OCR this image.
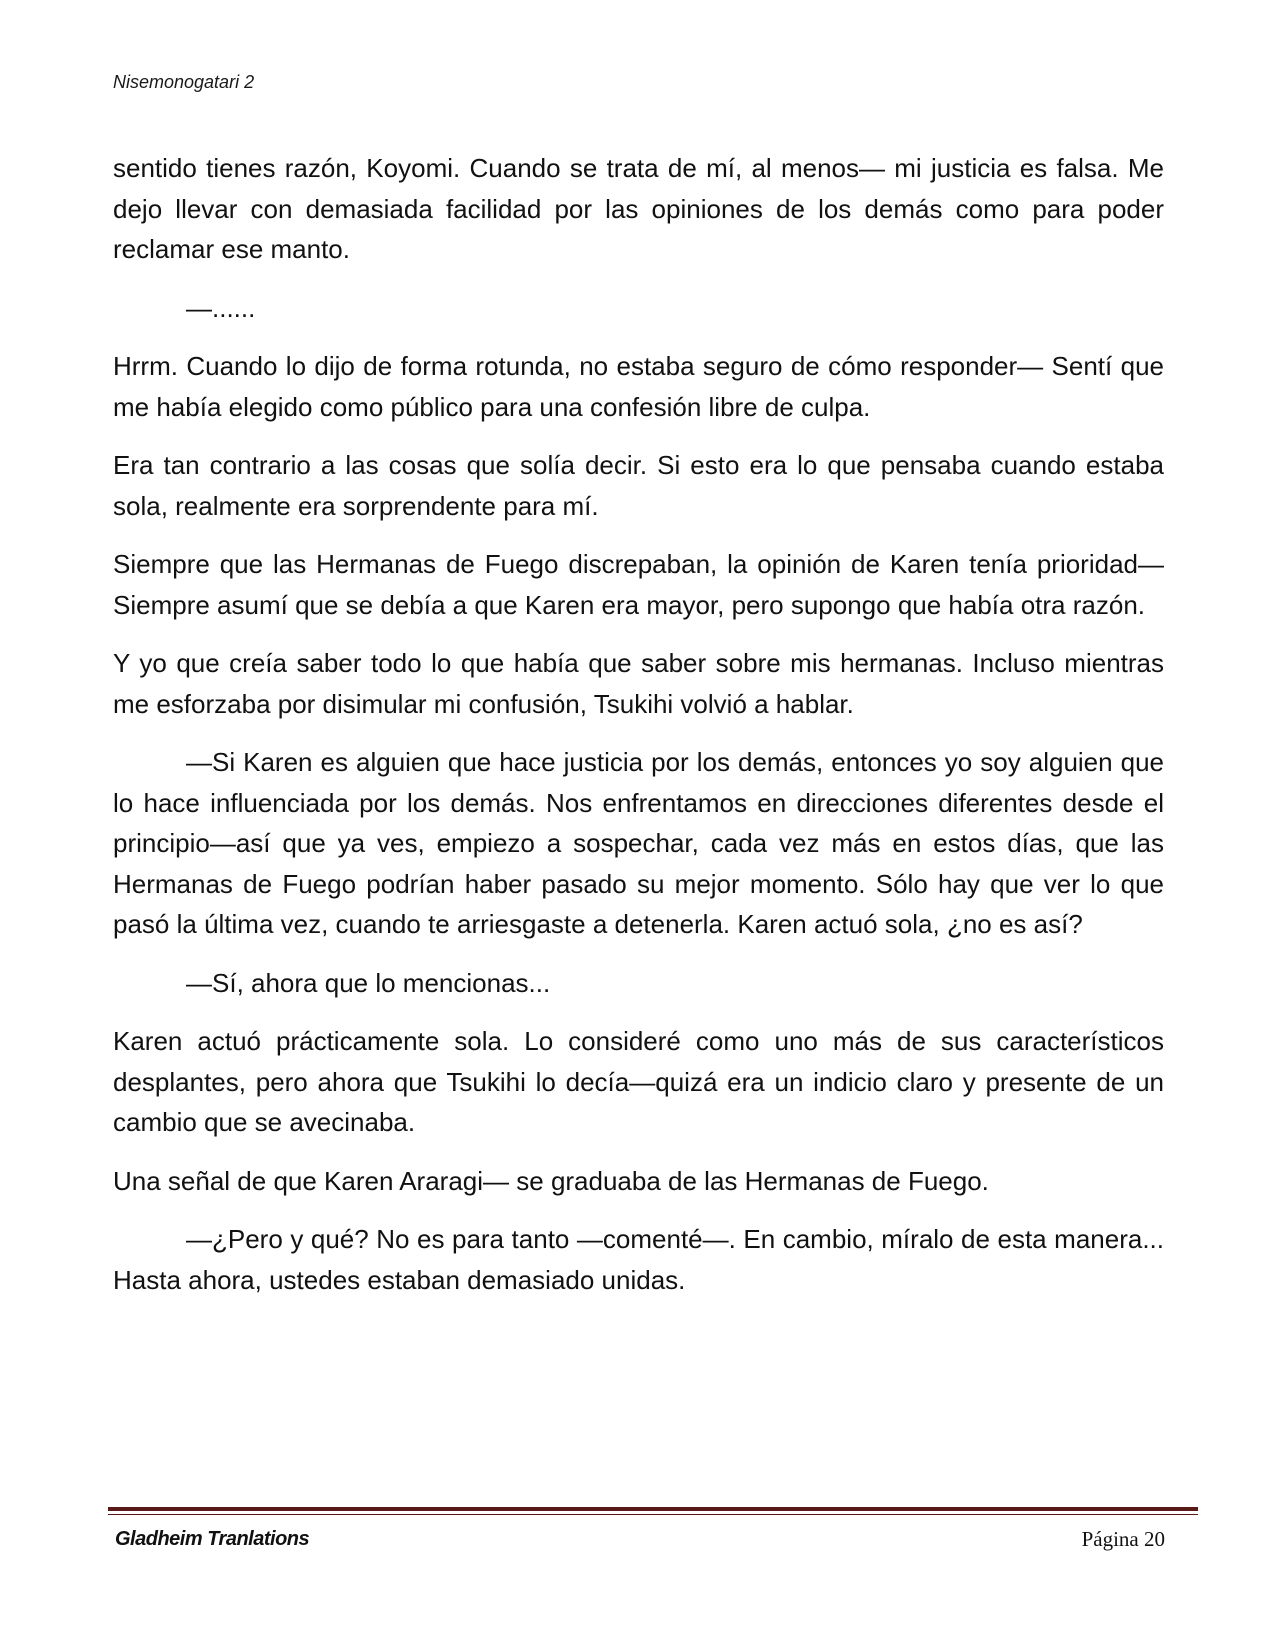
Nisemonogatari 2

sentido tienes razón, Koyomi. Cuando se trata de mí, al menos— mi justicia es falsa. Me dejo llevar con demasiada facilidad por las opiniones de los demás como para poder reclamar ese manto.

—......

Hrrm. Cuando lo dijo de forma rotunda, no estaba seguro de cómo responder— Sentí que me había elegido como público para una confesión libre de culpa.

Era tan contrario a las cosas que solía decir. Si esto era lo que pensaba cuando estaba sola, realmente era sorprendente para mí.

Siempre que las Hermanas de Fuego discrepaban, la opinión de Karen tenía prioridad— Siempre asumí que se debía a que Karen era mayor, pero supongo que había otra razón.

Y yo que creía saber todo lo que había que saber sobre mis hermanas. Incluso mientras me esforzaba por disimular mi confusión, Tsukihi volvió a hablar.

—Si Karen es alguien que hace justicia por los demás, entonces yo soy alguien que lo hace influenciada por los demás. Nos enfrentamos en direcciones diferentes desde el principio—así que ya ves, empiezo a sospechar, cada vez más en estos días, que las Hermanas de Fuego podrían haber pasado su mejor momento. Sólo hay que ver lo que pasó la última vez, cuando te arriesgaste a detenerla. Karen actuó sola, ¿no es así?

—Sí, ahora que lo mencionas...

Karen actuó prácticamente sola. Lo consideré como uno más de sus característicos desplantes, pero ahora que Tsukihi lo decía—quizá era un indicio claro y presente de un cambio que se avecinaba.

Una señal de que Karen Araragi— se graduaba de las Hermanas de Fuego.

—¿Pero y qué? No es para tanto —comenté—. En cambio, míralo de esta manera... Hasta ahora, ustedes estaban demasiado unidas.

Gladheim Tranlations	Página 20
